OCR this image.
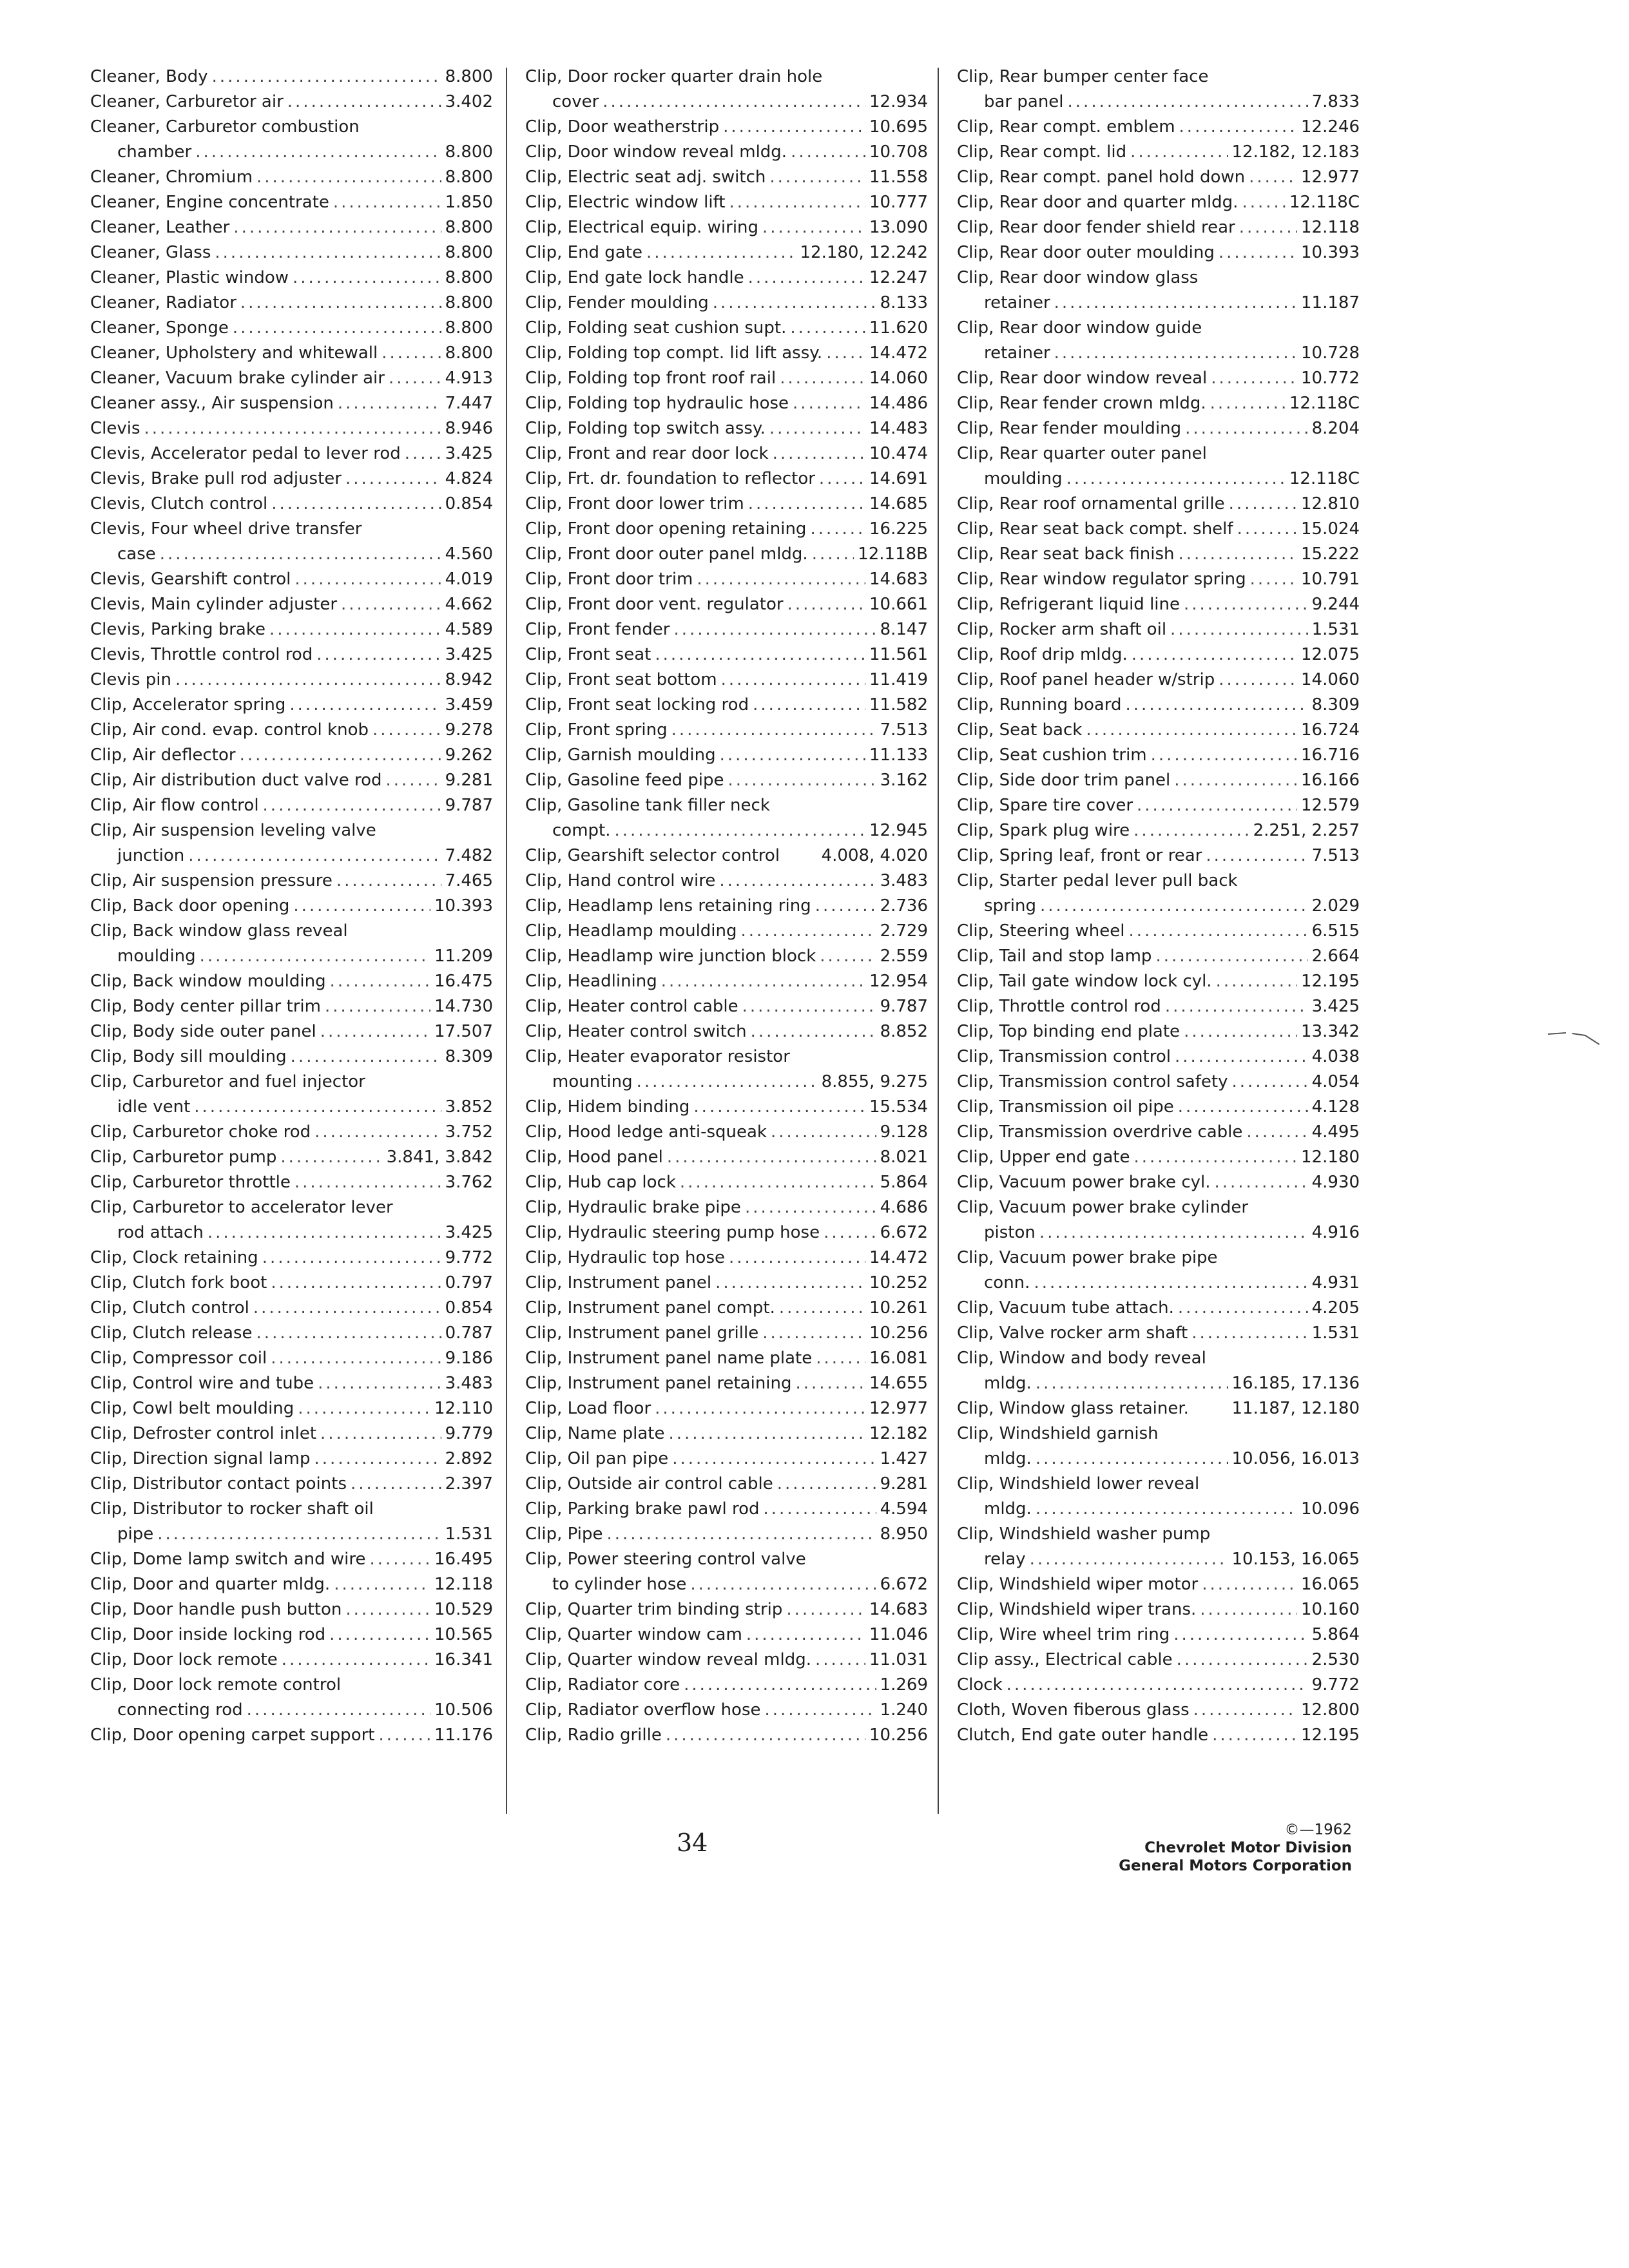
Cleaner, Body .....	8.800
Cleaner, Carburetor air .....	3.402
Cleaner, Carburetor combustion
chamber .....	8.800
Cleaner, Chromium .....	8.800
Cleaner, Engine concentrate .....	1.850
Cleaner, Leather .....	8.800
Cleaner, Glass .....	8.800
Cleaner, Plastic window .....	8.800
Cleaner, Radiator .....	8.800
Cleaner, Sponge .....	8.800
Cleaner, Upholstery and whitewall .....	8.800
Cleaner, Vacuum brake cylinder air .....	4.913
Cleaner assy., Air suspension .....	7.447
Clevis .....	8.946
Clevis, Accelerator pedal to lever rod .....	3.425
Clevis, Brake pull rod adjuster .....	4.824
Clevis, Clutch control .....	0.854
Clevis, Four wheel drive transfer
case .....	4.560
Clevis, Gearshift control .....	4.019
Clevis, Main cylinder adjuster .....	4.662
Clevis, Parking brake .....	4.589
Clevis, Throttle control rod .....	3.425
Clevis pin .....	8.942
Clip, Accelerator spring .....	3.459
Clip, Air cond. evap. control knob .....	9.278
Clip, Air deflector .....	9.262
Clip, Air distribution duct valve rod .....	9.281
Clip, Air flow control .....	9.787
Clip, Air suspension leveling valve
junction .....	7.482
Clip, Air suspension pressure .....	7.465
Clip, Back door opening .....	10.393
Clip, Back window glass reveal
moulding .....	11.209
Clip, Back window moulding .....	16.475
Clip, Body center pillar trim .....	14.730
Clip, Body side outer panel .....	17.507
Clip, Body sill moulding .....	8.309
Clip, Carburetor and fuel injector
idle vent .....	3.852
Clip, Carburetor choke rod .....	3.752
Clip, Carburetor pump .....	3.841, 3.842
Clip, Carburetor throttle .....	3.762
Clip, Carburetor to accelerator lever
rod attach .....	3.425
Clip, Clock retaining .....	9.772
Clip, Clutch fork boot .....	0.797
Clip, Clutch control .....	0.854
Clip, Clutch release .....	0.787
Clip, Compressor coil .....	9.186
Clip, Control wire and tube .....	3.483
Clip, Cowl belt moulding .....	12.110
Clip, Defroster control inlet .....	9.779
Clip, Direction signal lamp .....	2.892
Clip, Distributor contact points .....	2.397
Clip, Distributor to rocker shaft oil
pipe .....	1.531
Clip, Dome lamp switch and wire .....	16.495
Clip, Door and quarter mldg. .....	12.118
Clip, Door handle push button .....	10.529
Clip, Door inside locking rod .....	10.565
Clip, Door lock remote .....	16.341
Clip, Door lock remote control
connecting rod .....	10.506
Clip, Door opening carpet support .....	11.176
Clip, Door rocker quarter drain hole
cover .....	12.934
Clip, Door weatherstrip .....	10.695
Clip, Door window reveal mldg. .....	10.708
Clip, Electric seat adj. switch .....	11.558
Clip, Electric window lift .....	10.777
Clip, Electrical equip. wiring .....	13.090
Clip, End gate .....	12.180, 12.242
Clip, End gate lock handle .....	12.247
Clip, Fender moulding .....	8.133
Clip, Folding seat cushion supt. .....	11.620
Clip, Folding top compt. lid lift assy. .....	14.472
Clip, Folding top front roof rail .....	14.060
Clip, Folding top hydraulic hose .....	14.486
Clip, Folding top switch assy. .....	14.483
Clip, Front and rear door lock .....	10.474
Clip, Frt. dr. foundation to reflector .....	14.691
Clip, Front door lower trim .....	14.685
Clip, Front door opening retaining .....	16.225
Clip, Front door outer panel mldg. .....	12.118B
Clip, Front door trim .....	14.683
Clip, Front door vent. regulator .....	10.661
Clip, Front fender .....	8.147
Clip, Front seat .....	11.561
Clip, Front seat bottom .....	11.419
Clip, Front seat locking rod .....	11.582
Clip, Front spring .....	7.513
Clip, Garnish moulding .....	11.133
Clip, Gasoline feed pipe .....	3.162
Clip, Gasoline tank filler neck
compt. .....	12.945
Clip, Gearshift selector control 4.008, 4.020
Clip, Hand control wire .....	3.483
Clip, Headlamp lens retaining ring .....	2.736
Clip, Headlamp moulding .....	2.729
Clip, Headlamp wire junction block .....	2.559
Clip, Headlining .....	12.954
Clip, Heater control cable .....	9.787
Clip, Heater control switch .....	8.852
Clip, Heater evaporator resistor
mounting .....	8.855, 9.275
Clip, Hidem binding .....	15.534
Clip, Hood ledge anti-squeak .....	9.128
Clip, Hood panel .....	8.021
Clip, Hub cap lock .....	5.864
Clip, Hydraulic brake pipe .....	4.686
Clip, Hydraulic steering pump hose .....	6.672
Clip, Hydraulic top hose .....	14.472
Clip, Instrument panel .....	10.252
Clip, Instrument panel compt. .....	10.261
Clip, Instrument panel grille .....	10.256
Clip, Instrument panel name plate .....	16.081
Clip, Instrument panel retaining .....	14.655
Clip, Load floor .....	12.977
Clip, Name plate .....	12.182
Clip, Oil pan pipe .....	1.427
Clip, Outside air control cable .....	9.281
Clip, Parking brake pawl rod .....	4.594
Clip, Pipe .....	8.950
Clip, Power steering control valve
to cylinder hose .....	6.672
Clip, Quarter trim binding strip .....	14.683
Clip, Quarter window cam .....	11.046
Clip, Quarter window reveal mldg. .....	11.031
Clip, Radiator core .....	1.269
Clip, Radiator overflow hose .....	1.240
Clip, Radio grille .....	10.256
Clip, Rear bumper center face
bar panel .....	7.833
Clip, Rear compt. emblem .....	12.246
Clip, Rear compt. lid .....	12.182, 12.183
Clip, Rear compt. panel hold down .....	12.977
Clip, Rear door and quarter mldg. .....	12.118C
Clip, Rear door fender shield rear .....	12.118
Clip, Rear door outer moulding .....	10.393
Clip, Rear door window glass
retainer .....	11.187
Clip, Rear door window guide
retainer .....	10.728
Clip, Rear door window reveal .....	10.772
Clip, Rear fender crown mldg. .....	12.118C
Clip, Rear fender moulding .....	8.204
Clip, Rear quarter outer panel
moulding .....	12.118C
Clip, Rear roof ornamental grille .....	12.810
Clip, Rear seat back compt. shelf .....	15.024
Clip, Rear seat back finish .....	15.222
Clip, Rear window regulator spring .....	10.791
Clip, Refrigerant liquid line .....	9.244
Clip, Rocker arm shaft oil .....	1.531
Clip, Roof drip mldg. .....	12.075
Clip, Roof panel header w/strip .....	14.060
Clip, Running board .....	8.309
Clip, Seat back .....	16.724
Clip, Seat cushion trim .....	16.716
Clip, Side door trim panel .....	16.166
Clip, Spare tire cover .....	12.579
Clip, Spark plug wire .....	2.251, 2.257
Clip, Spring leaf, front or rear .....	7.513
Clip, Starter pedal lever pull back
spring .....	2.029
Clip, Steering wheel .....	6.515
Clip, Tail and stop lamp .....	2.664
Clip, Tail gate window lock cyl. .....	12.195
Clip, Throttle control rod .....	3.425
Clip, Top binding end plate .....	13.342
Clip, Transmission control .....	4.038
Clip, Transmission control safety .....	4.054
Clip, Transmission oil pipe .....	4.128
Clip, Transmission overdrive cable .....	4.495
Clip, Upper end gate .....	12.180
Clip, Vacuum power brake cyl. .....	4.930
Clip, Vacuum power brake cylinder
piston .....	4.916
Clip, Vacuum power brake pipe
conn. .....	4.931
Clip, Vacuum tube attach. .....	4.205
Clip, Valve rocker arm shaft .....	1.531
Clip, Window and body reveal
mldg. .....	16.185, 17.136
Clip, Window glass retainer.	11.187, 12.180
Clip, Windshield garnish
mldg. .....	10.056, 16.013
Clip, Windshield lower reveal
mldg. .....	10.096
Clip, Windshield washer pump
relay .....	10.153, 16.065
Clip, Windshield wiper motor .....	16.065
Clip, Windshield wiper trans. .....	10.160
Clip, Wire wheel trim ring .....	5.864
Clip assy., Electrical cable .....	2.530
Clock .....	9.772
Cloth, Woven fiberous glass .....	12.800
Clutch, End gate outer handle .....	12.195
34	©—1962
Chevrolet Motor Division
General Motors Corporation
